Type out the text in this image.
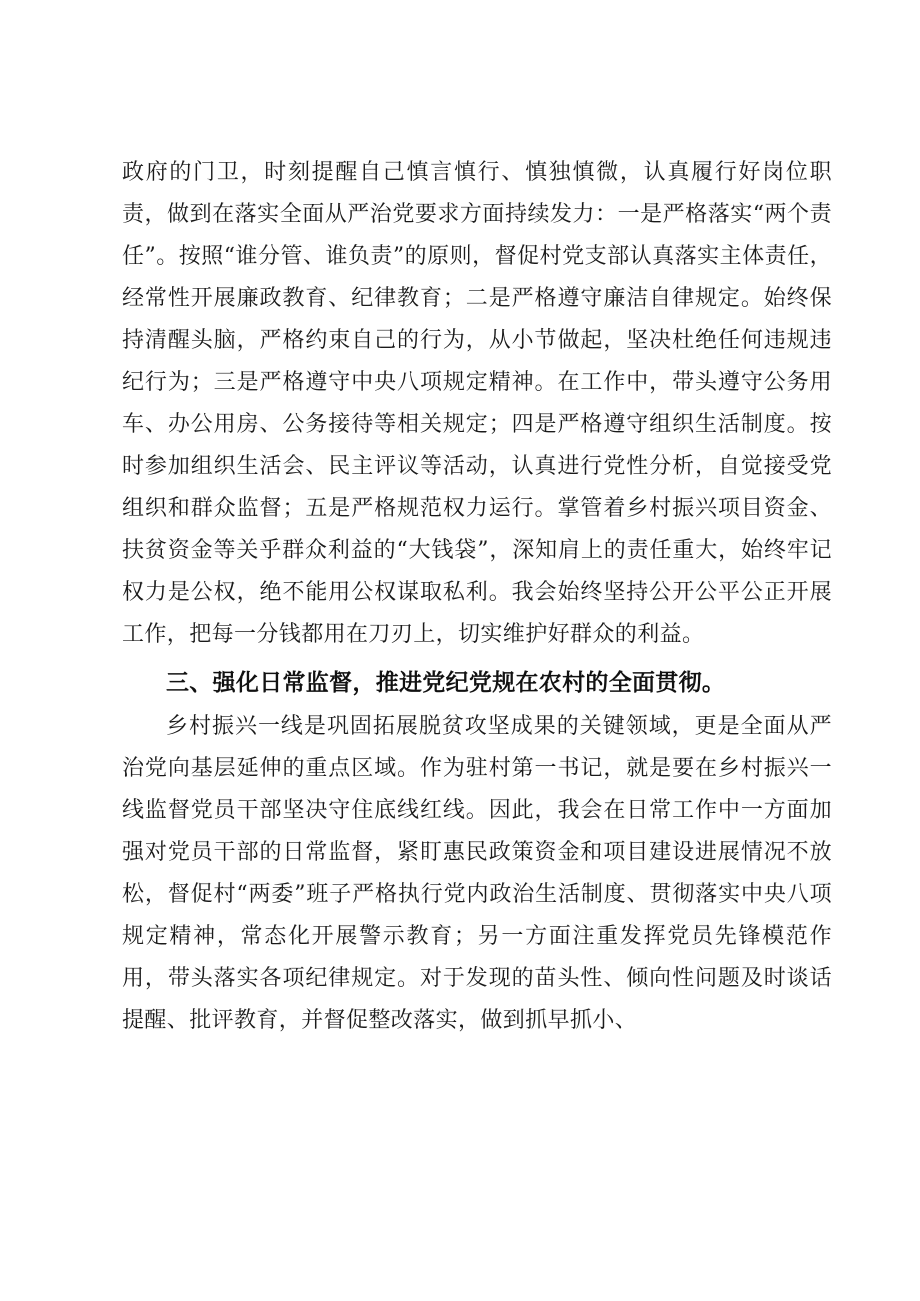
政府的门卫，时刻提醒自己慎言慎行、慎独慎微，认真履行好岗位职责，做到在落实全面从严治党要求方面持续发力：一是严格落实“两个责任”。按照“谁分管、谁负责”的原则，督促村党支部认真落实主体责任，经常性开展廉政教育、纪律教育；二是严格遵守廉洁自律规定。始终保持清醒头脑，严格约束自己的行为，从小节做起，坚决杜绝任何违规违纪行为；三是严格遵守中央八项规定精神。在工作中，带头遵守公务用车、办公用房、公务接待等相关规定；四是严格遵守组织生活制度。按时参加组织生活会、民主评议等活动，认真进行党性分析，自觉接受党组织和群众监督；五是严格规范权力运行。掌管着乡村振兴项目资金、扶贫资金等关乎群众利益的“大钱袋”，深知肩上的责任重大，始终牢记权力是公权，绝不能用公权谋取私利。我会始终坚持公开公平公正开展工作，把每一分钱都用在刀刃上，切实维护好群众的利益。

三、强化日常监督，推进党纪党规在农村的全面贯彻。

乡村振兴一线是巩固拓展脱贫攻坚成果的关键领域，更是全面从严治党向基层延伸的重点区域。作为驻村第一书记，就是要在乡村振兴一线监督党员干部坚决守住底线红线。因此，我会在日常工作中一方面加强对党员干部的日常监督，紧盯惠民政策资金和项目建设进展情况不放松，督促村“两委”班子严格执行党内政治生活制度、贯彻落实中央八项规定精神，常态化开展警示教育；另一方面注重发挥党员先锋模范作用，带头落实各项纪律规定。对于发现的苗头性、倾向性问题及时谈话提醒、批评教育，并督促整改落实，做到抓早抓小、
